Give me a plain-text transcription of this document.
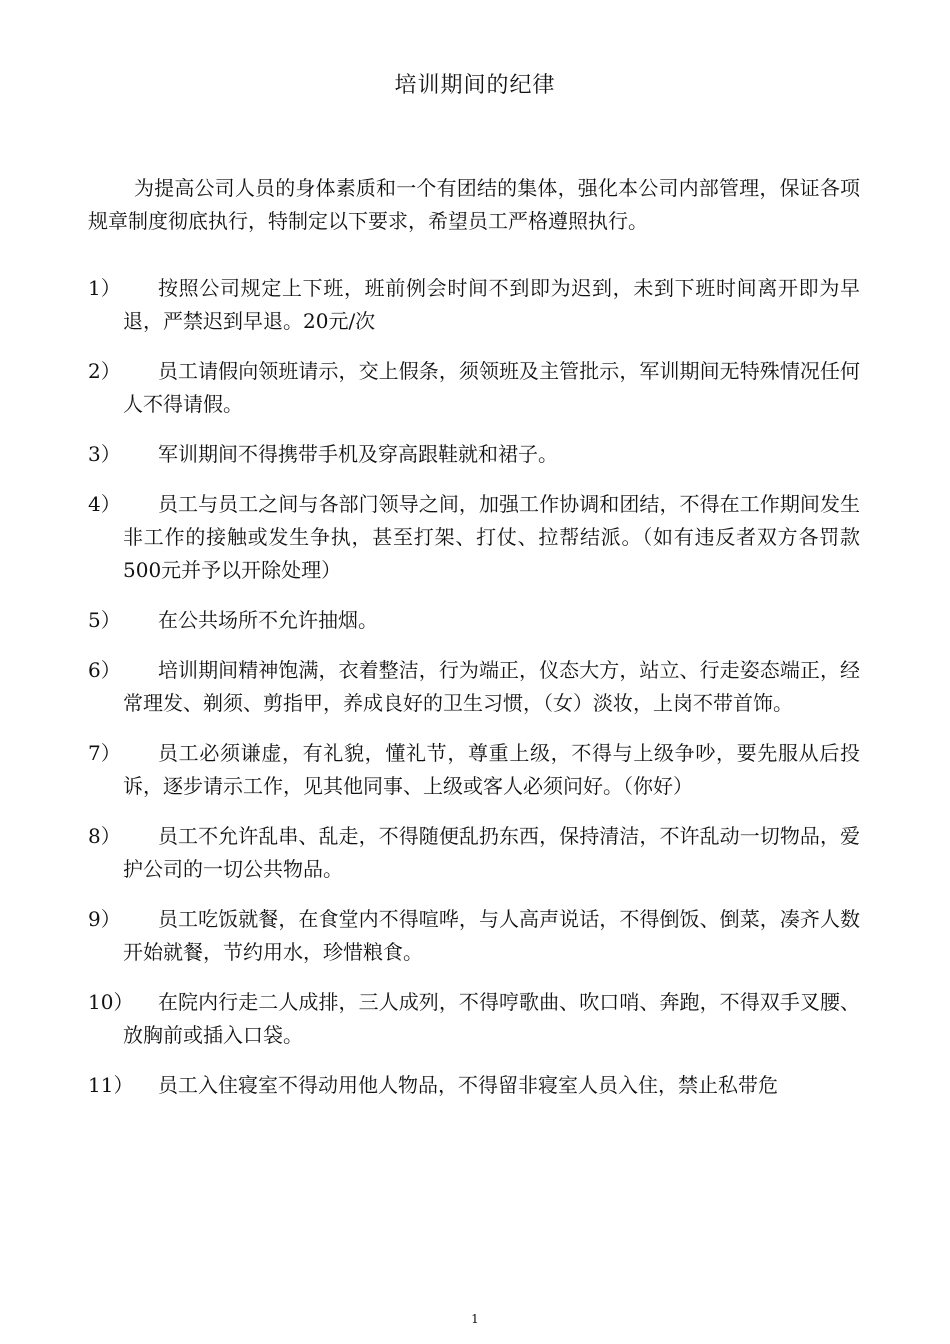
培训期间的纪律
为提高公司人员的身体素质和一个有团结的集体，强化本公司内部管理，保证各项规章制度彻底执行，特制定以下要求，希望员工严格遵照执行。
1）	按照公司规定上下班，班前例会时间不到即为迟到，未到下班时间离开即为早退，严禁迟到早退。20元/次
2）	员工请假向领班请示，交上假条，须领班及主管批示，军训期间无特殊情况任何人不得请假。
3）	军训期间不得携带手机及穿高跟鞋就和裙子。
4）	员工与员工之间与各部门领导之间，加强工作协调和团结，不得在工作期间发生非工作的接触或发生争执，甚至打架、打仗、拉帮结派。（如有违反者双方各罚款500元并予以开除处理）
5）	在公共场所不允许抽烟。
6）	培训期间精神饱满，衣着整洁，行为端正，仪态大方，站立、行走姿态端正，经常理发、剃须、剪指甲，养成良好的卫生习惯，（女）淡妆，上岗不带首饰。
7）	员工必须谦虚，有礼貌，懂礼节，尊重上级，不得与上级争吵，要先服从后投诉，逐步请示工作，见其他同事、上级或客人必须问好。（你好）
8）	员工不允许乱串、乱走，不得随便乱扔东西，保持清洁，不许乱动一切物品，爱护公司的一切公共物品。
9）	员工吃饭就餐，在食堂内不得喧哗，与人高声说话，不得倒饭、倒菜，凑齐人数开始就餐，节约用水，珍惜粮食。
10）	在院内行走二人成排，三人成列，不得哼歌曲、吹口哨、奔跑，不得双手叉腰、放胸前或插入口袋。
11）	员工入住寝室不得动用他人物品，不得留非寝室人员入住，禁止私带危
1
